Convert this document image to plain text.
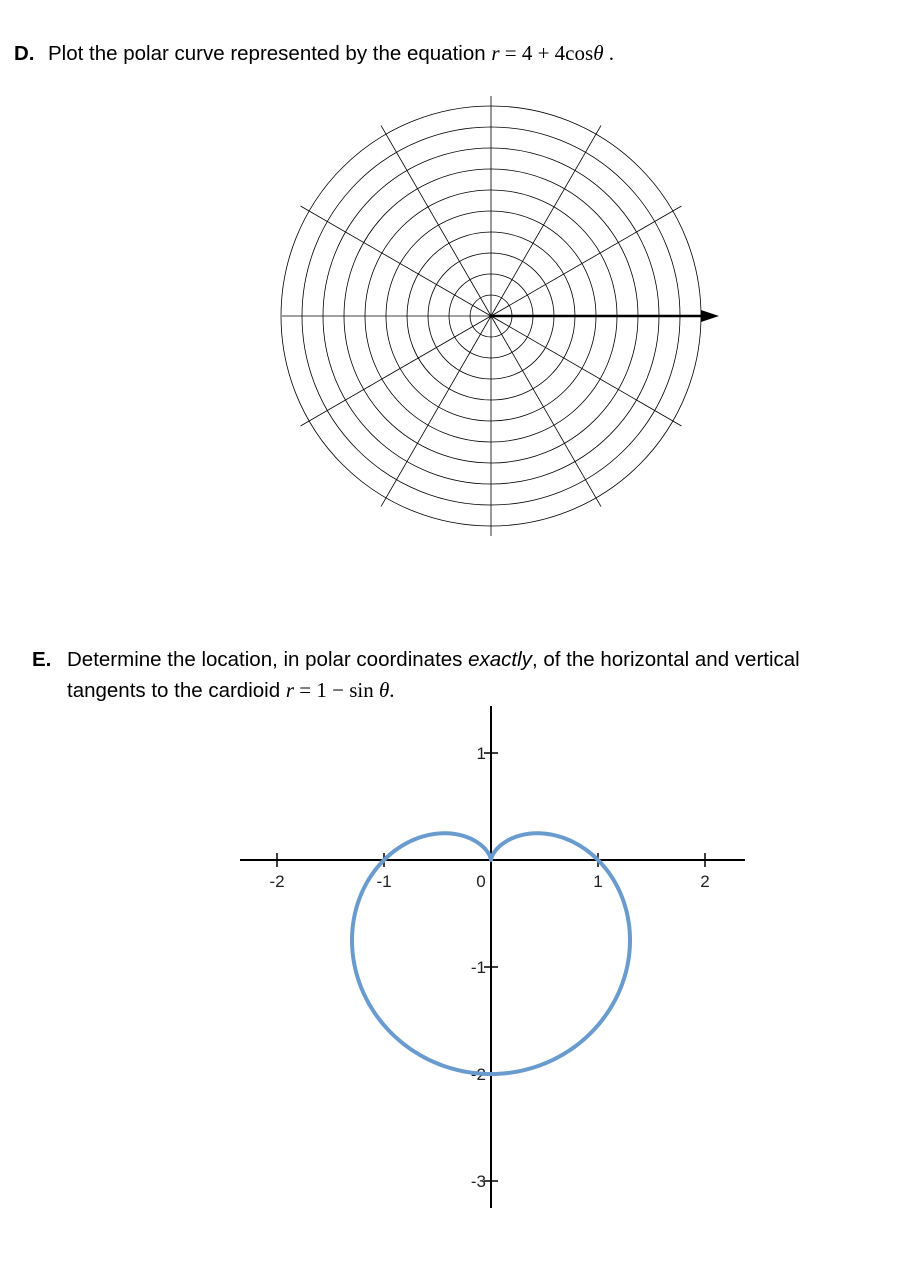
D. Plot the polar curve represented by the equation r = 4 + 4cosθ .
E. Determine the location, in polar coordinates exactly, of the horizontal and vertical
tangents to the cardioid r = 1 − sin θ.
-2	-1	0	1	2
1
-1
-2
-3
